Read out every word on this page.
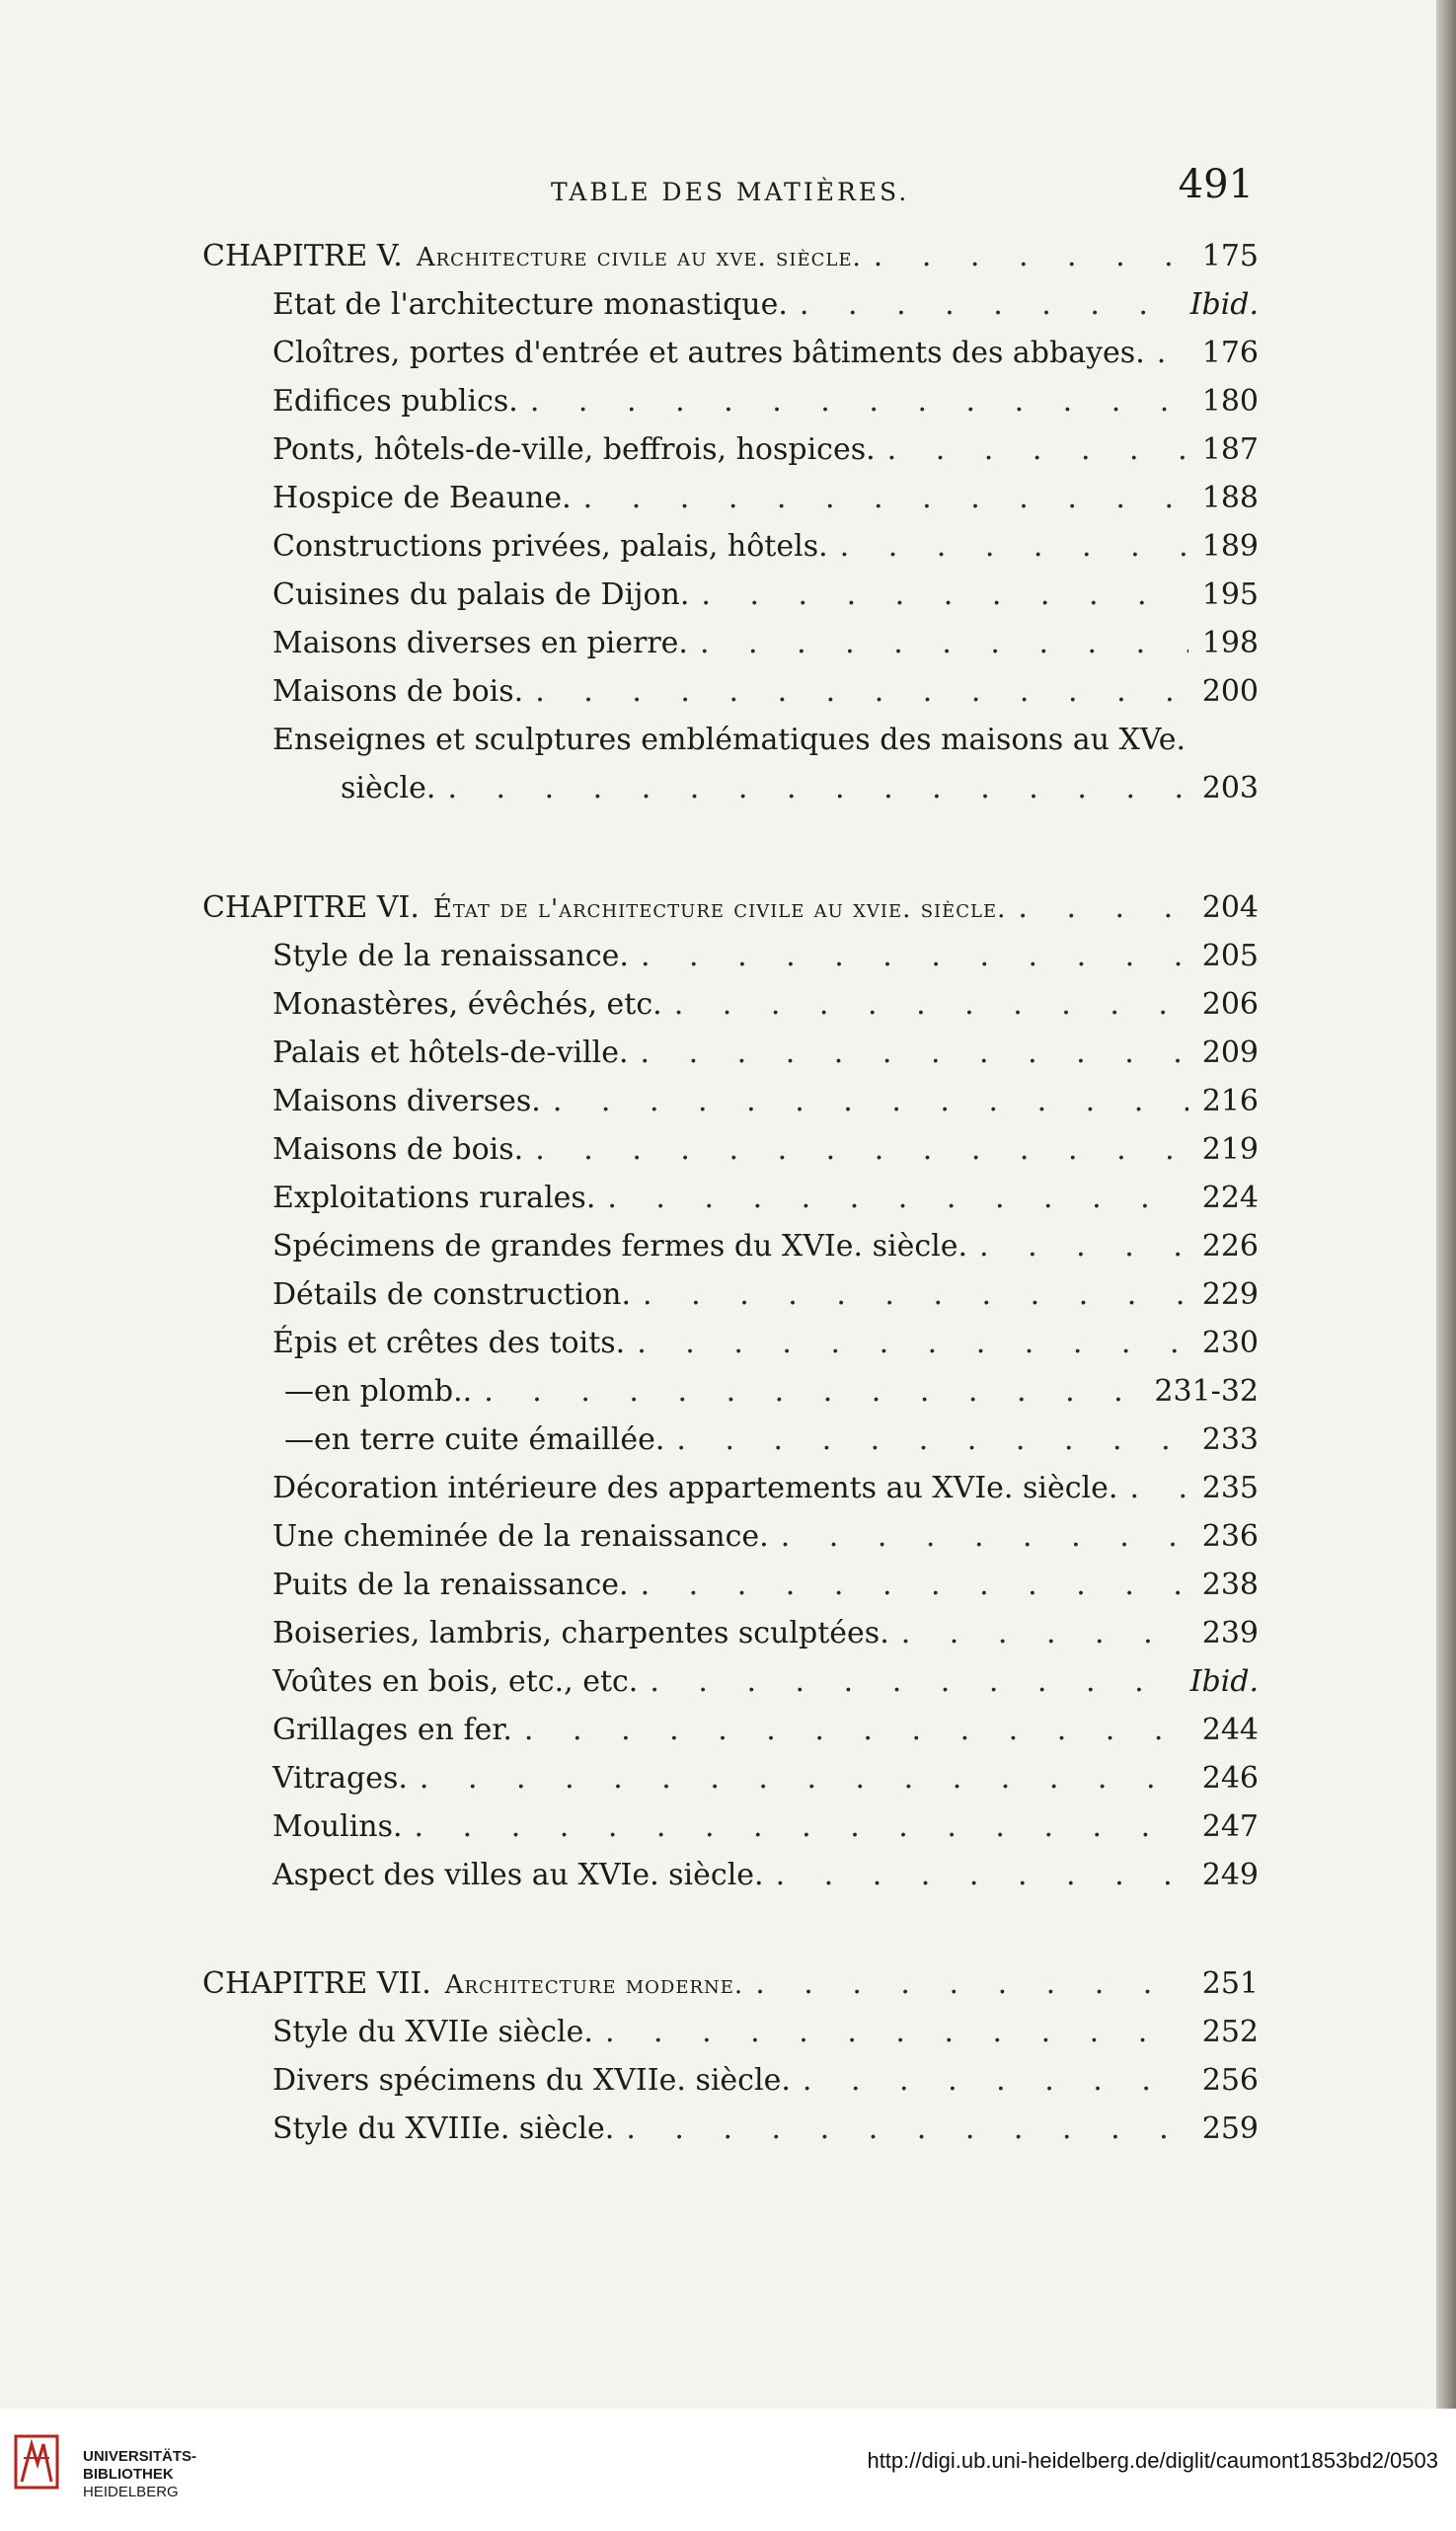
TABLE DES MATIÈRES.	491
CHAPITRE V. Architecture civile au xve. siècle. . . .	175
Etat de l'architecture monastique. . . .	Ibid.
Cloîtres, portes d'entrée et autres bâtiments des abbayes. . . . 176
Edifices publics. . . .	180
Ponts, hôtels-de-ville, beffrois, hospices. . . .	187
Hospice de Beaune. . . .	188
Constructions privées, palais, hôtels. . . .	189
Cuisines du palais de Dijon. . . .	195
Maisons diverses en pierre. . . .	198
Maisons de bois. . . .	200
Enseignes et sculptures emblématiques des maisons au XVe.
siècle. . . .	203
CHAPITRE VI. État de l'architecture civile au xvie. siècle. . . .	204
Style de la renaissance. . . .	205
Monastères, évêchés, etc. . . .	206
Palais et hôtels-de-ville. . . .	209
Maisons diverses. . . .	216
Maisons de bois. . . .	219
Exploitations rurales. . . .	224
Spécimens de grandes fermes du XVIe. siècle. . . .	226
Détails de construction. . . .	229
Épis et crêtes des toits. . . .	230
— en plomb.. . . .	231-32
— en terre cuite émaillée. . . .	233
Décoration intérieure des appartements au XVIe. siècle. . . .	235
Une cheminée de la renaissance. . . .	236
Puits de la renaissance. . . .	238
Boiseries, lambris, charpentes sculptées. . . .	239
Voûtes en bois, etc., etc. . . .	Ibid.
Grillages en fer. . . .	244
Vitrages. . . .	246
Moulins. . . .	247
Aspect des villes au XVIe. siècle. . . .	249
CHAPITRE VII. Architecture moderne. . . .	251
Style du XVIIe siècle. . . .	252
Divers spécimens du XVIIe. siècle. . . .	256
Style du XVIIIe. siècle. . . .	259
UNIVERSITÄTS-
BIBLIOTHEK
HEIDELBERG
http://digi.ub.uni-heidelberg.de/diglit/caumont1853bd2/0503
